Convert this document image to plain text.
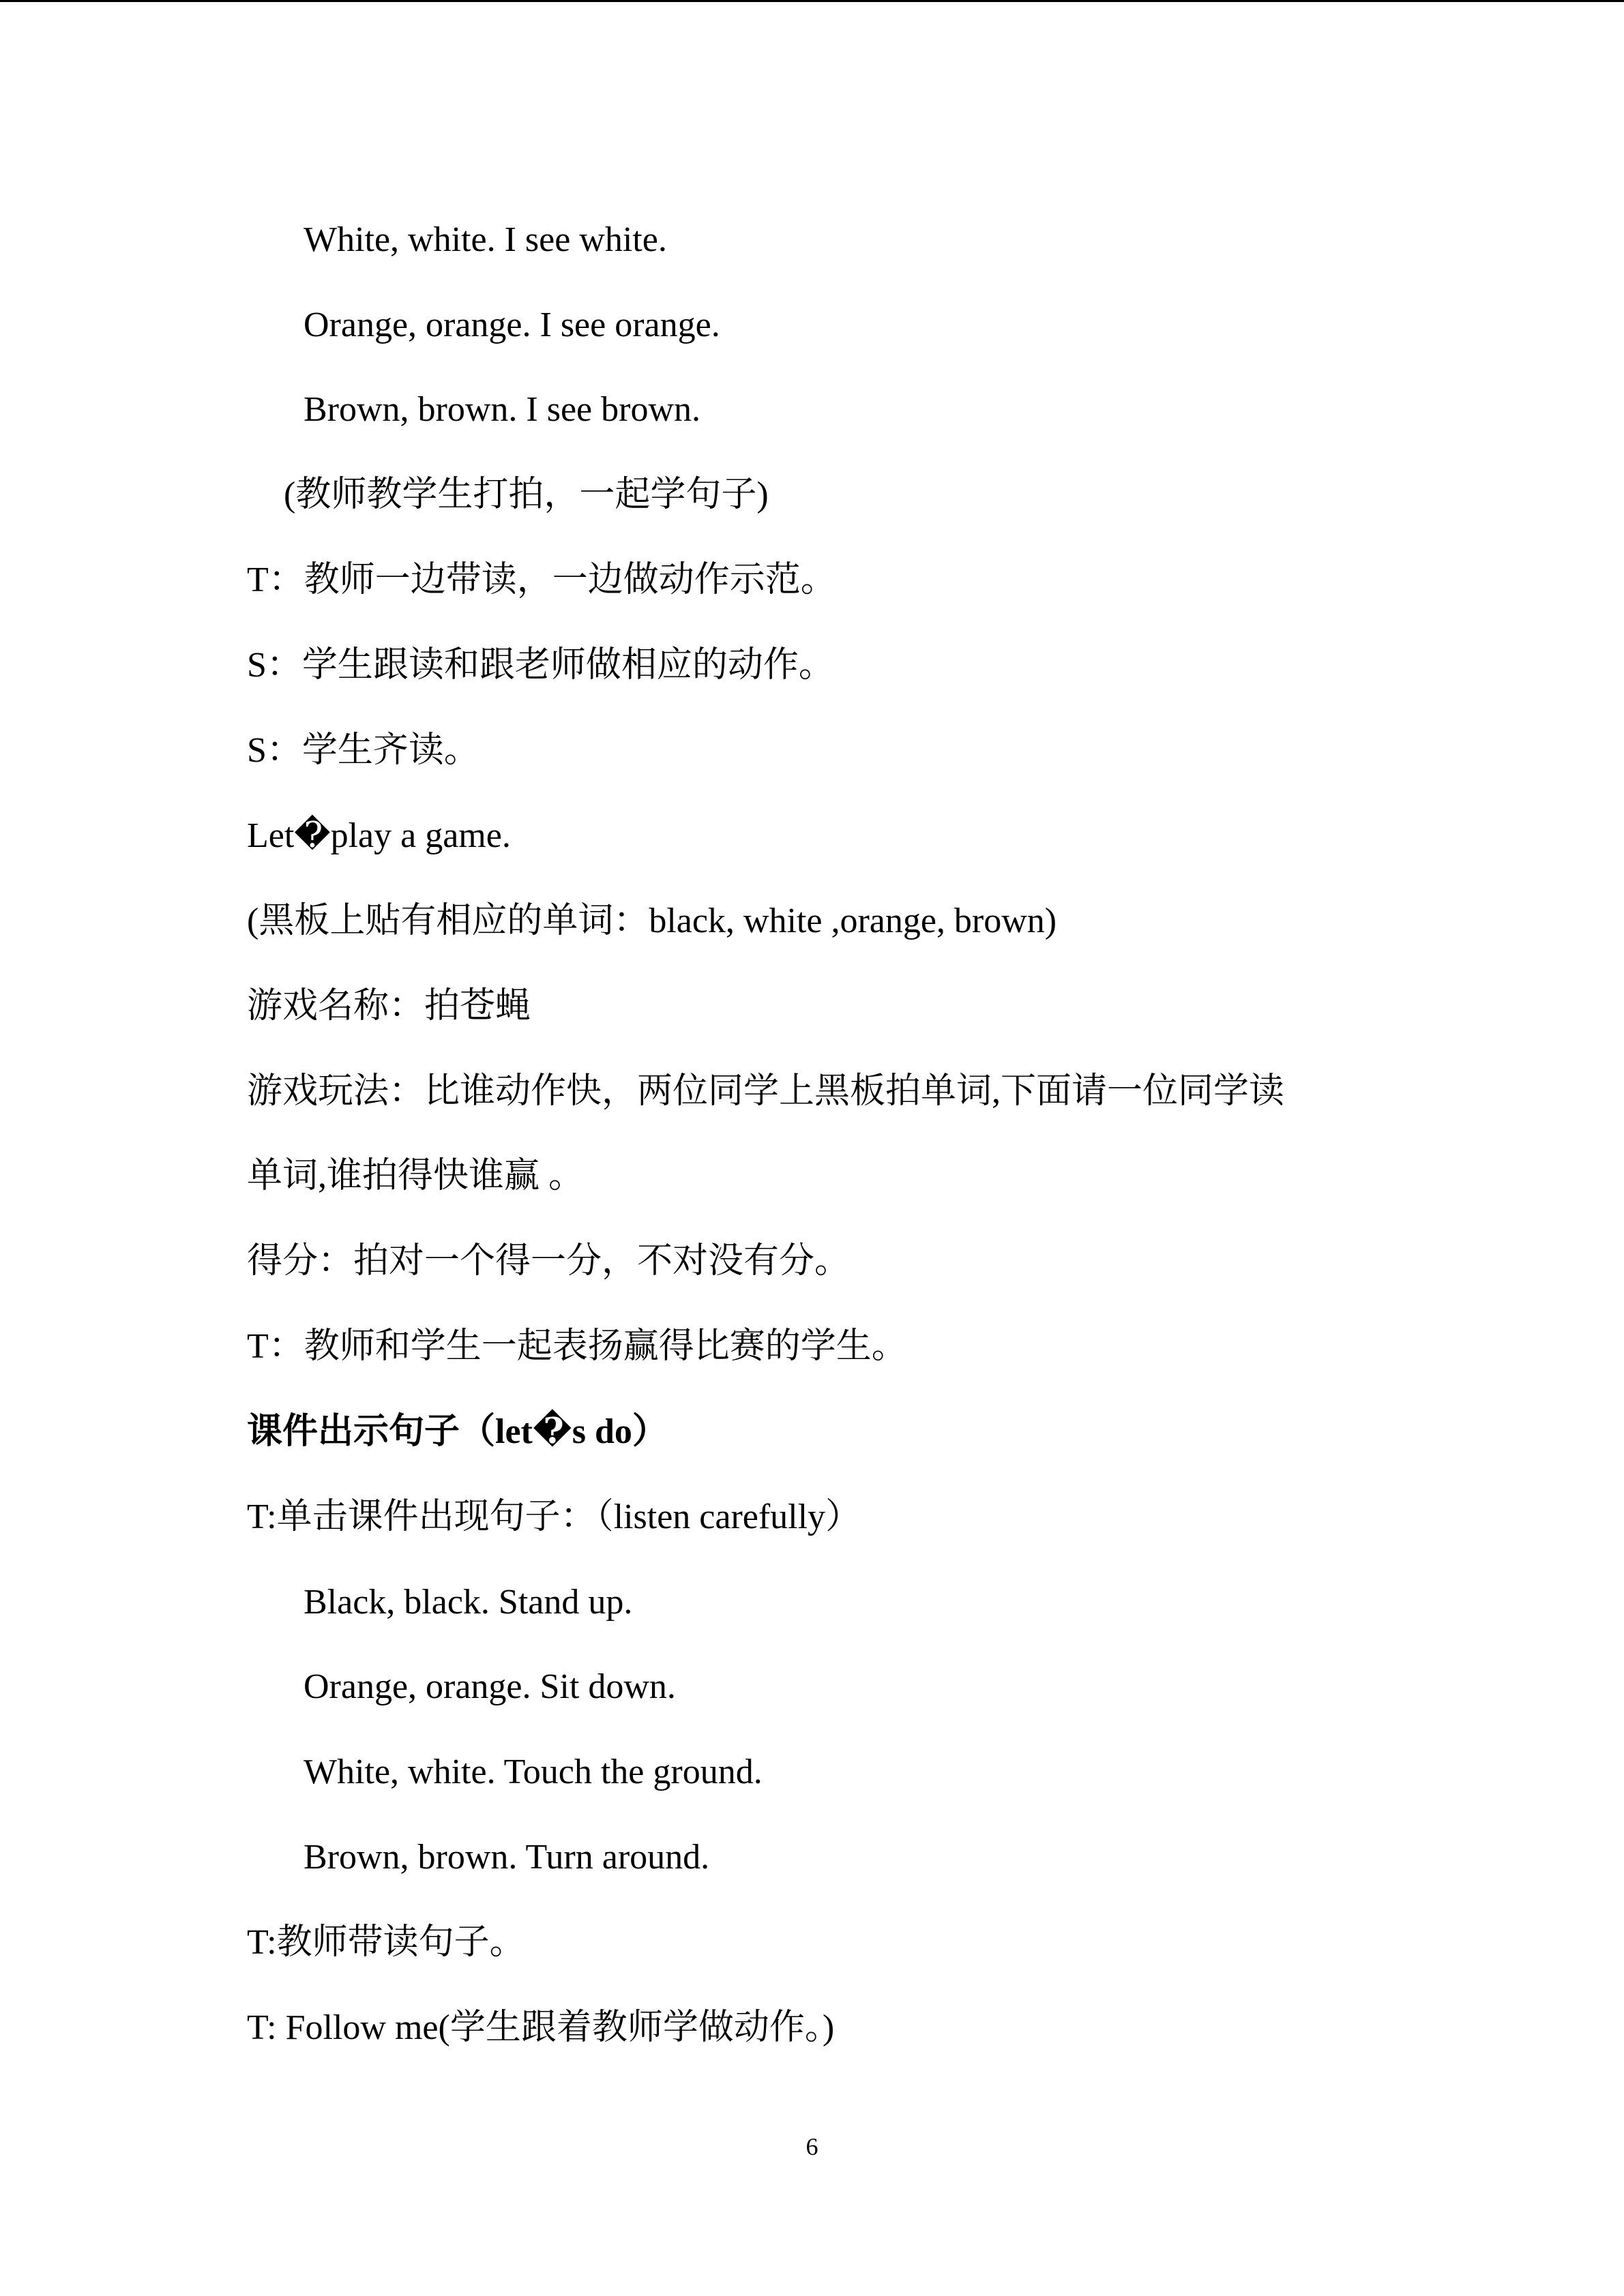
White, white. I see white.
Orange, orange. I see orange.
Brown, brown. I see brown.
(教师教学生打拍，一起学句子)
T：教师一边带读，一边做动作示范。
S：学生跟读和跟老师做相应的动作。
S：学生齐读。
Let�play a game.
(黑板上贴有相应的单词：black, white ,orange, brown)
游戏名称：拍苍蝇
游戏玩法：比谁动作快，两位同学上黑板拍单词,下面请一位同学读
单词,谁拍得快谁赢 。
得分：拍对一个得一分，不对没有分。
T：教师和学生一起表扬赢得比赛的学生。
课件出示句子（let�s do）
T:单击课件出现句子：（listen carefully）
Black, black. Stand up.
Orange, orange. Sit down.
White, white. Touch the ground.
Brown, brown. Turn around.
T:教师带读句子。
T: Follow me(学生跟着教师学做动作。)
6
